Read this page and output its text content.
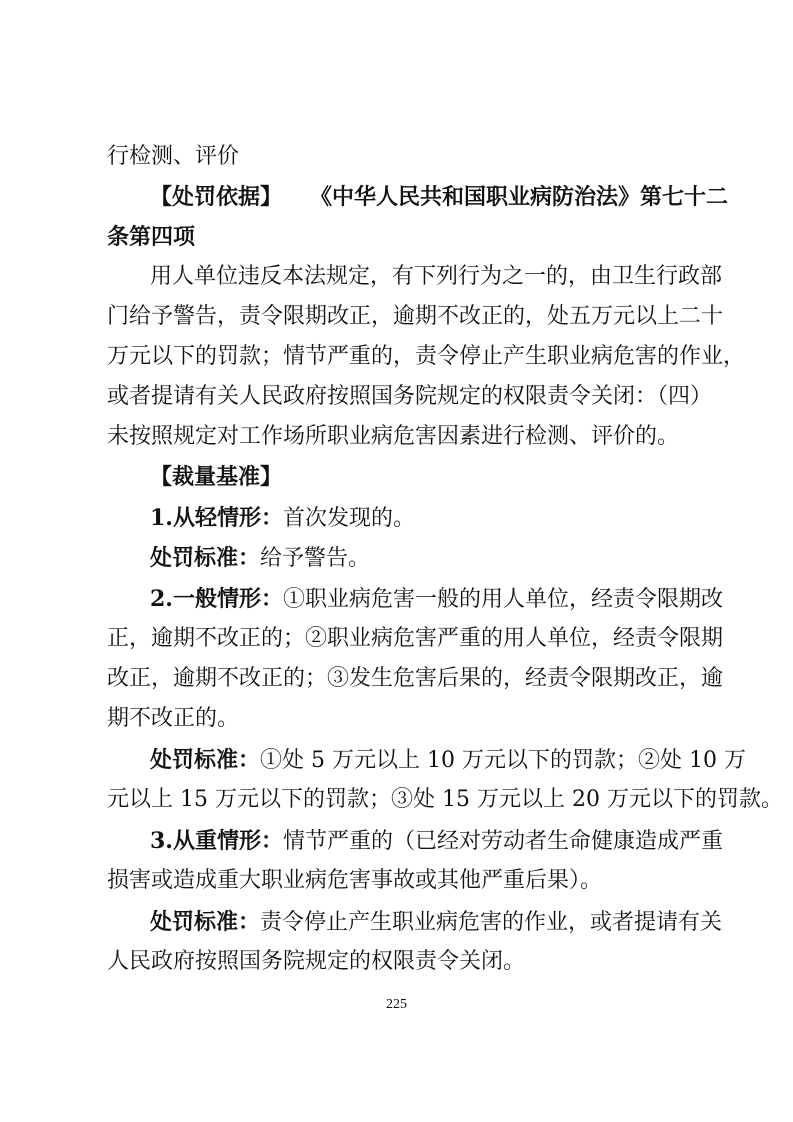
行检测、评价
【处罚依据】 《中华人民共和国职业病防治法》第七十二
条第四项
用人单位违反本法规定，有下列行为之一的，由卫生行政部
门给予警告，责令限期改正，逾期不改正的，处五万元以上二十
万元以下的罚款；情节严重的，责令停止产生职业病危害的作业，
或者提请有关人民政府按照国务院规定的权限责令关闭：（四）
未按照规定对工作场所职业病危害因素进行检测、评价的。
【裁量基准】
1.从轻情形：首次发现的。
处罚标准：给予警告。
2.一般情形：①职业病危害一般的用人单位，经责令限期改
正，逾期不改正的；②职业病危害严重的用人单位，经责令限期
改正，逾期不改正的；③发生危害后果的，经责令限期改正，逾
期不改正的。
处罚标准：①处 5 万元以上 10 万元以下的罚款；②处 10 万
元以上 15 万元以下的罚款；③处 15 万元以上 20 万元以下的罚款。
3.从重情形：情节严重的（已经对劳动者生命健康造成严重
损害或造成重大职业病危害事故或其他严重后果）。
处罚标准：责令停止产生职业病危害的作业，或者提请有关
人民政府按照国务院规定的权限责令关闭。
225
